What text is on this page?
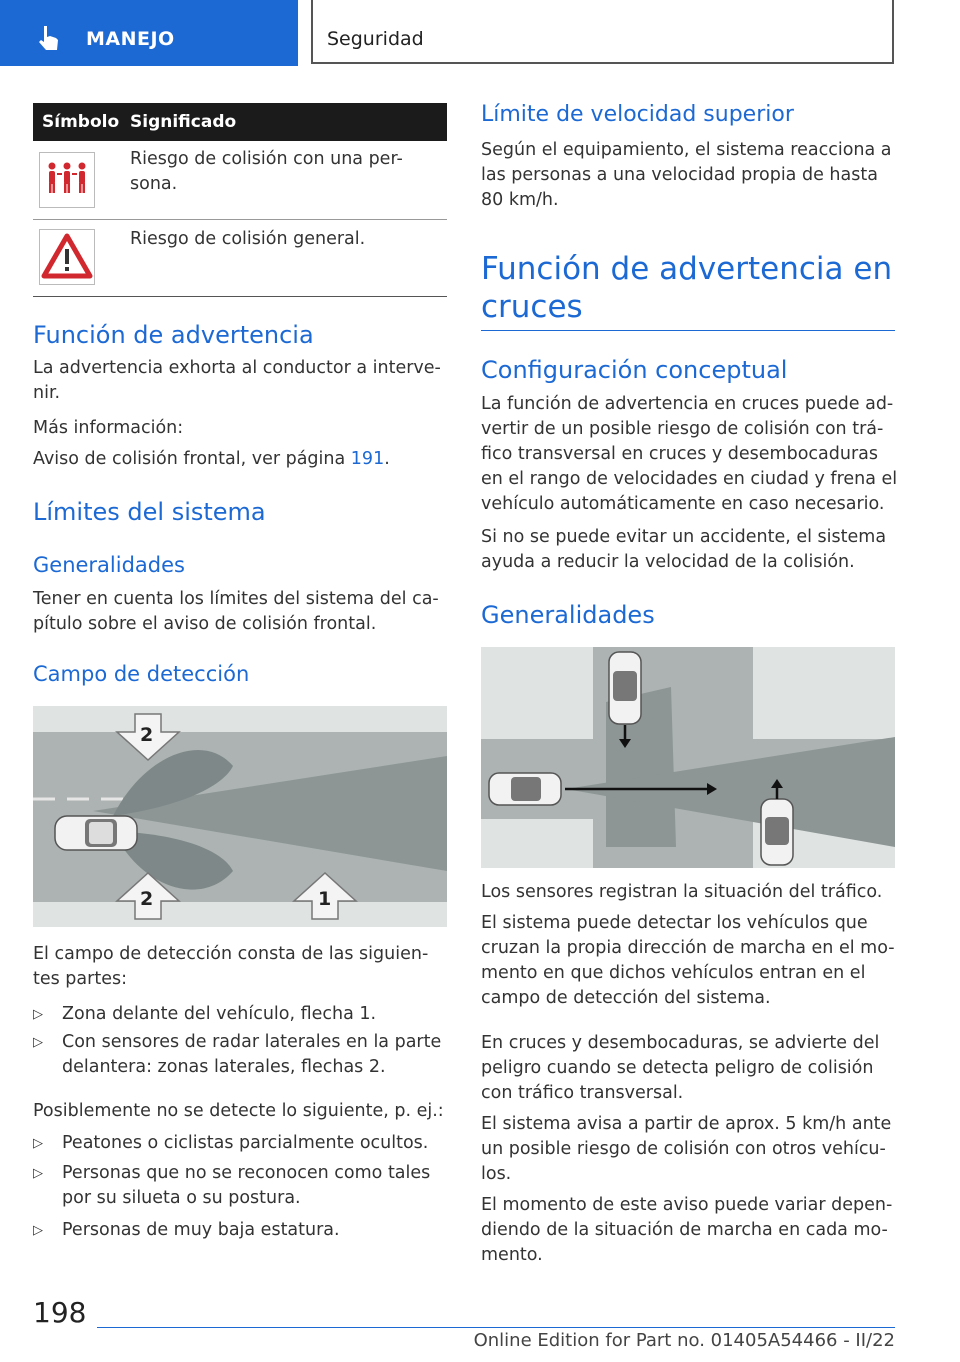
MANEJO	Seguridad
Símbolo Significado

Riesgo de colisión con una per-
sona.

Riesgo de colisión general.

Función de advertencia

La advertencia exhorta al conductor a interve-
nir.

Más información:

Aviso de colisión frontal, ver página 191.

Límites del sistema
Generalidades

Tener en cuenta los límites del sistema del ca-
pítulo sobre el aviso de colisión frontal.

Campo de detección
2
2	1

El campo de detección consta de las siguien-
tes partes:

▷ Zona delante del vehículo, flecha 1.

▷ Con sensores de radar laterales en la parte
delantera: zonas laterales, flechas 2.

Posiblemente no se detecte lo siguiente, p. ej.:

▷ Peatones o ciclistas parcialmente ocultos.

▷ Personas que no se reconocen como tales
por su silueta o su postura.

▷ Personas de muy baja estatura.

Límite de velocidad superior

Según el equipamiento, el sistema reacciona a
las personas a una velocidad propia de hasta
80 km/h.

Función de advertencia en
cruces
Configuración conceptual

La función de advertencia en cruces puede ad-
vertir de un posible riesgo de colisión con trá-
fico transversal en cruces y desembocaduras
en el rango de velocidades en ciudad y frena el
vehículo automáticamente en caso necesario.

Si no se puede evitar un accidente, el sistema
ayuda a reducir la velocidad de la colisión.

Generalidades

Los sensores registran la situación del tráfico.

El sistema puede detectar los vehículos que
cruzan la propia dirección de marcha en el mo-
mento en que dichos vehículos entran en el
campo de detección del sistema.

En cruces y desembocaduras, se advierte del
peligro cuando se detecta peligro de colisión
con tráfico transversal.

El sistema avisa a partir de aprox. 5 km/h ante
un posible riesgo de colisión con otros vehícu-
los.

El momento de este aviso puede variar depen-
diendo de la situación de marcha en cada mo-
mento.

198
Online Edition for Part no. 01405A54466 - II/22
